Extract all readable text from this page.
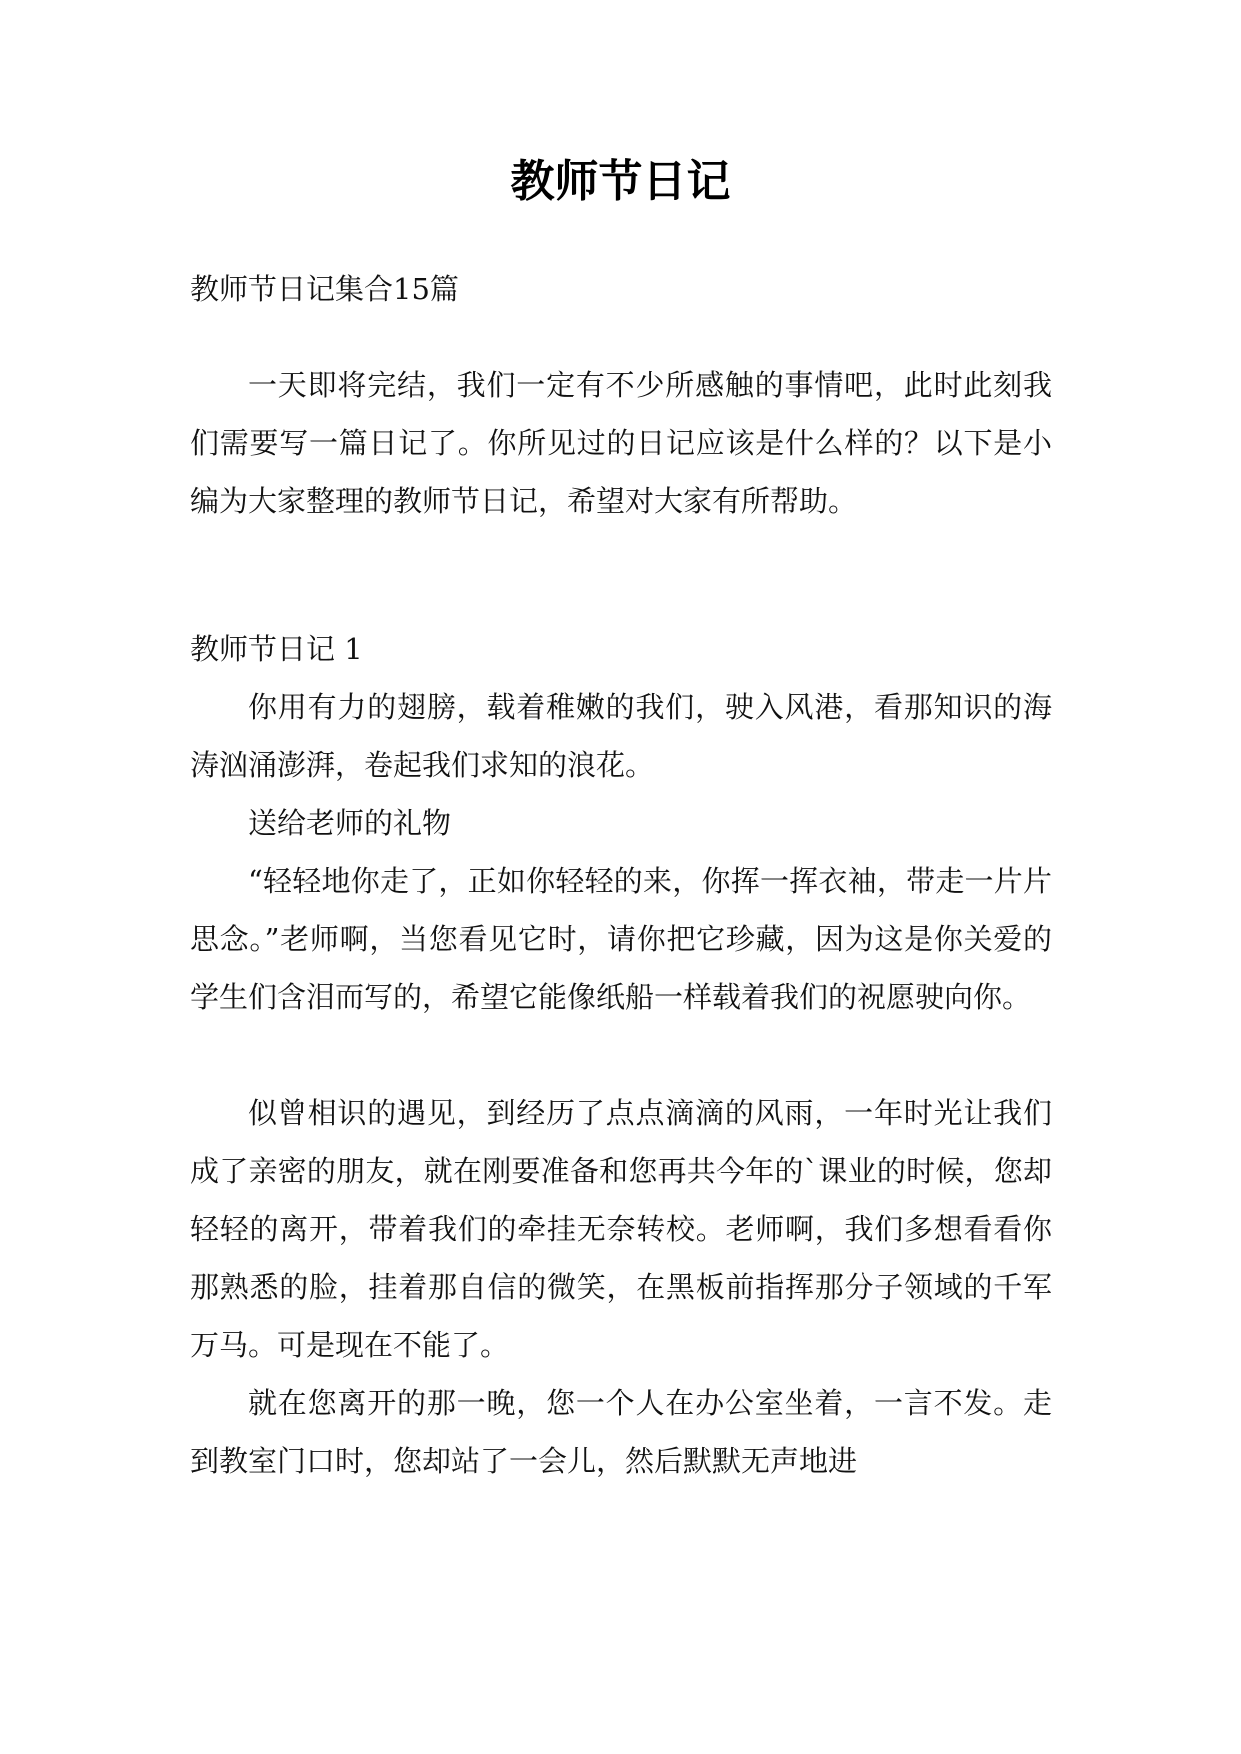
教师节日记

教师节日记集合15篇

一天即将完结，我们一定有不少所感触的事情吧，此时此刻我们需要写一篇日记了。你所见过的日记应该是什么样的？以下是小编为大家整理的教师节日记，希望对大家有所帮助。

教师节日记 1

你用有力的翅膀，载着稚嫩的我们，驶入风港，看那知识的海涛汹涌澎湃，卷起我们求知的浪花。

送给老师的礼物

“轻轻地你走了，正如你轻轻的来，你挥一挥衣袖，带走一片片思念。”老师啊，当您看见它时，请你把它珍藏，因为这是你关爱的学生们含泪而写的，希望它能像纸船一样载着我们的祝愿驶向你。

似曾相识的遇见，到经历了点点滴滴的风雨，一年时光让我们成了亲密的朋友，就在刚要准备和您再共今年的`课业的时候，您却轻轻的离开，带着我们的牵挂无奈转校。老师啊，我们多想看看你那熟悉的脸，挂着那自信的微笑，在黑板前指挥那分子领域的千军万马。可是现在不能了。

就在您离开的那一晚，您一个人在办公室坐着，一言不发。走到教室门口时，您却站了一会儿，然后默默无声地进
